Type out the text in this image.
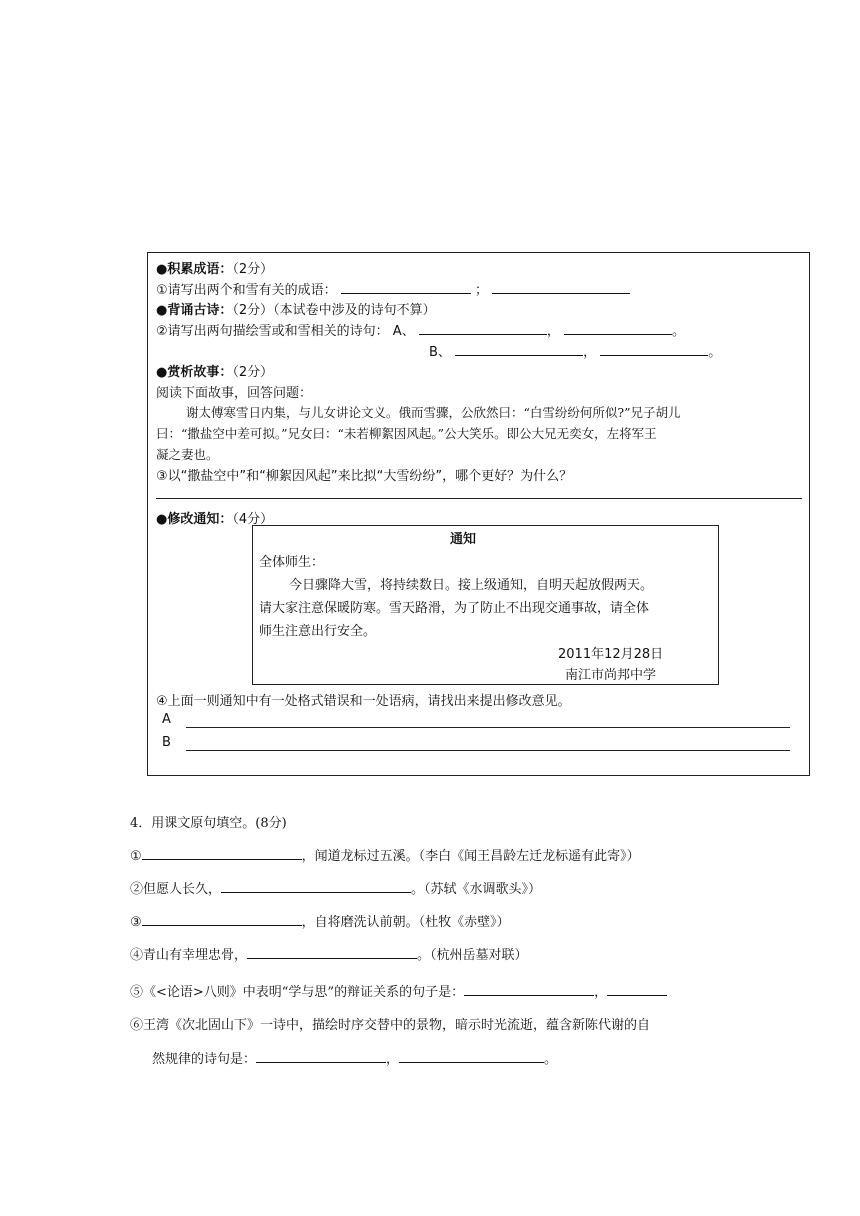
●积累成语：（2分）
①请写出两个和雪有关的成语：	；
●背诵古诗：（2分）（本试卷中涉及的诗句不算）
②请写出两句描绘雪或和雪相关的诗句： A、	，	。
B、	，	。
●赏析故事：（2分）
阅读下面故事，回答问题：
谢太傅寒雪日内集，与儿女讲论文义。俄而雪骤，公欣然曰：“白雪纷纷何所似?”兄子胡儿
曰：“撒盐空中差可拟。”兄女曰：“未若柳絮因风起。”公大笑乐。即公大兄无奕女，左将军王
凝之妻也。
③以“撒盐空中”和“柳絮因风起”来比拟“大雪纷纷”，哪个更好？为什么？
●修改通知：（4分）
通知
全体师生：
今日骤降大雪，将持续数日。接上级通知，自明天起放假两天。
请大家注意保暖防寒。雪天路滑，为了防止不出现交通事故，请全体
师生注意出行安全。
2011年12月28日
南江市尚邦中学
④上面一则通知中有一处格式错误和一处语病，请找出来提出修改意见。
A
B
4．用课文原句填空。(8分)
①	，闻道龙标过五溪。（李白《闻王昌龄左迁龙标遥有此寄》）
②但愿人长久，	。（苏轼《水调歌头》）
③	，自将磨洗认前朝。（杜牧《赤壁》）
④青山有幸埋忠骨，	。（杭州岳墓对联）
⑤《<论语>八则》中表明“学与思”的辩证关系的句子是：	，
⑥王湾《次北固山下》一诗中，描绘时序交替中的景物，暗示时光流逝，蕴含新陈代谢的自
然规律的诗句是：	，	。
